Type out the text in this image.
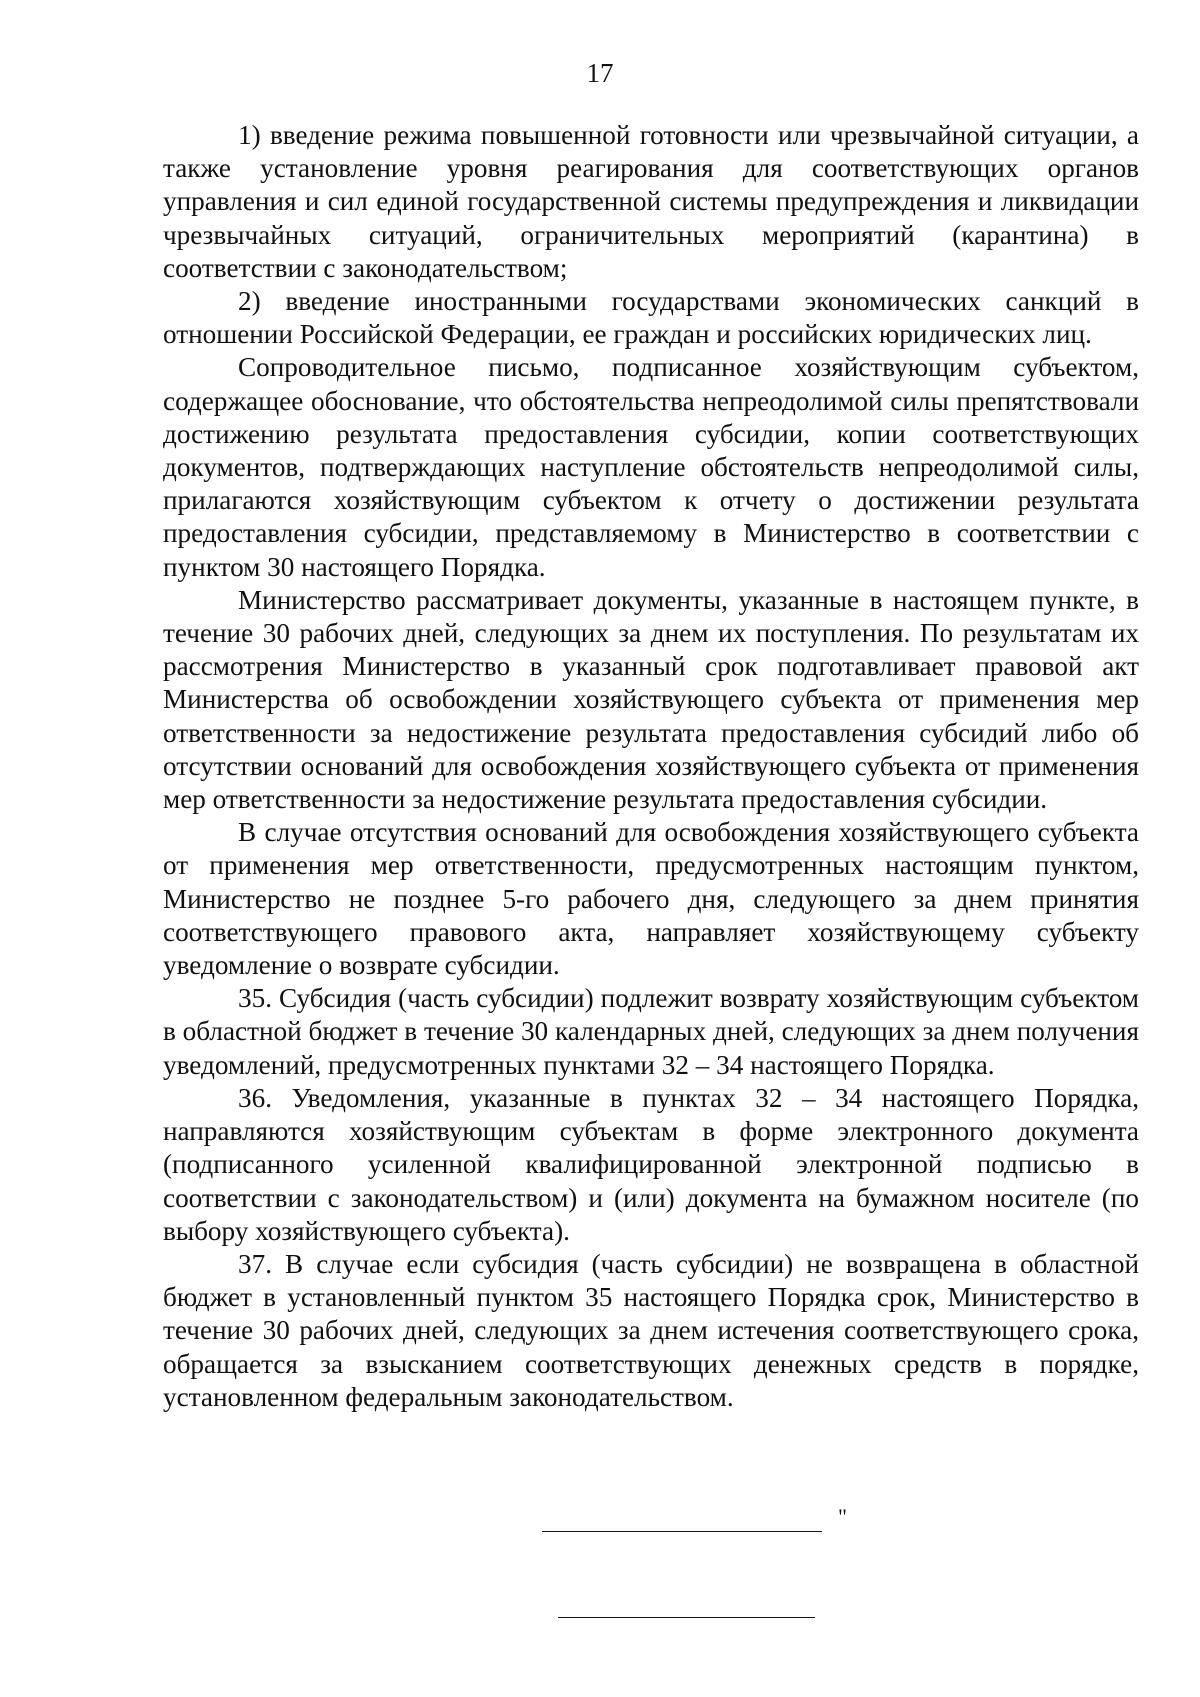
17

1) введение режима повышенной готовности или чрезвычайной ситуации, а также установление уровня реагирования для соответствующих органов управления и сил единой государственной системы предупреждения и ликвидации чрезвычайных ситуаций, ограничительных мероприятий (карантина) в соответствии с законодательством;

2) введение иностранными государствами экономических санкций в отношении Российской Федерации, ее граждан и российских юридических лиц.

Сопроводительное письмо, подписанное хозяйствующим субъектом, содержащее обоснование, что обстоятельства непреодолимой силы препятствовали достижению результата предоставления субсидии, копии соответствующих документов, подтверждающих наступление обстоятельств непреодолимой силы, прилагаются хозяйствующим субъектом к отчету о достижении результата предоставления субсидии, представляемому в Министерство в соответствии с пунктом 30 настоящего Порядка.

Министерство рассматривает документы, указанные в настоящем пункте, в течение 30 рабочих дней, следующих за днем их поступления. По результатам их рассмотрения Министерство в указанный срок подготавливает правовой акт Министерства об освобождении хозяйствующего субъекта от применения мер ответственности за недостижение результата предоставления субсидий либо об отсутствии оснований для освобождения хозяйствующего субъекта от применения мер ответственности за недостижение результата предоставления субсидии.

В случае отсутствия оснований для освобождения хозяйствующего субъекта от применения мер ответственности, предусмотренных настоящим пунктом, Министерство не позднее 5-го рабочего дня, следующего за днем принятия соответствующего правового акта, направляет хозяйствующему субъекту уведомление о возврате субсидии.

35. Субсидия (часть субсидии) подлежит возврату хозяйствующим субъектом в областной бюджет в течение 30 календарных дней, следующих за днем получения уведомлений, предусмотренных пунктами 32 – 34 настоящего Порядка.

36. Уведомления, указанные в пунктах 32 – 34 настоящего Порядка, направляются хозяйствующим субъектам в форме электронного документа (подписанного усиленной квалифицированной электронной подписью в соответствии с законодательством) и (или) документа на бумажном носителе (по выбору хозяйствующего субъекта).

37. В случае если субсидия (часть субсидии) не возвращена в областной бюджет в установленный пунктом 35 настоящего Порядка срок, Министерство в течение 30 рабочих дней, следующих за днем истечения соответствующего срока, обращается за взысканием соответствующих денежных средств в порядке, установленном федеральным законодательством.

"
